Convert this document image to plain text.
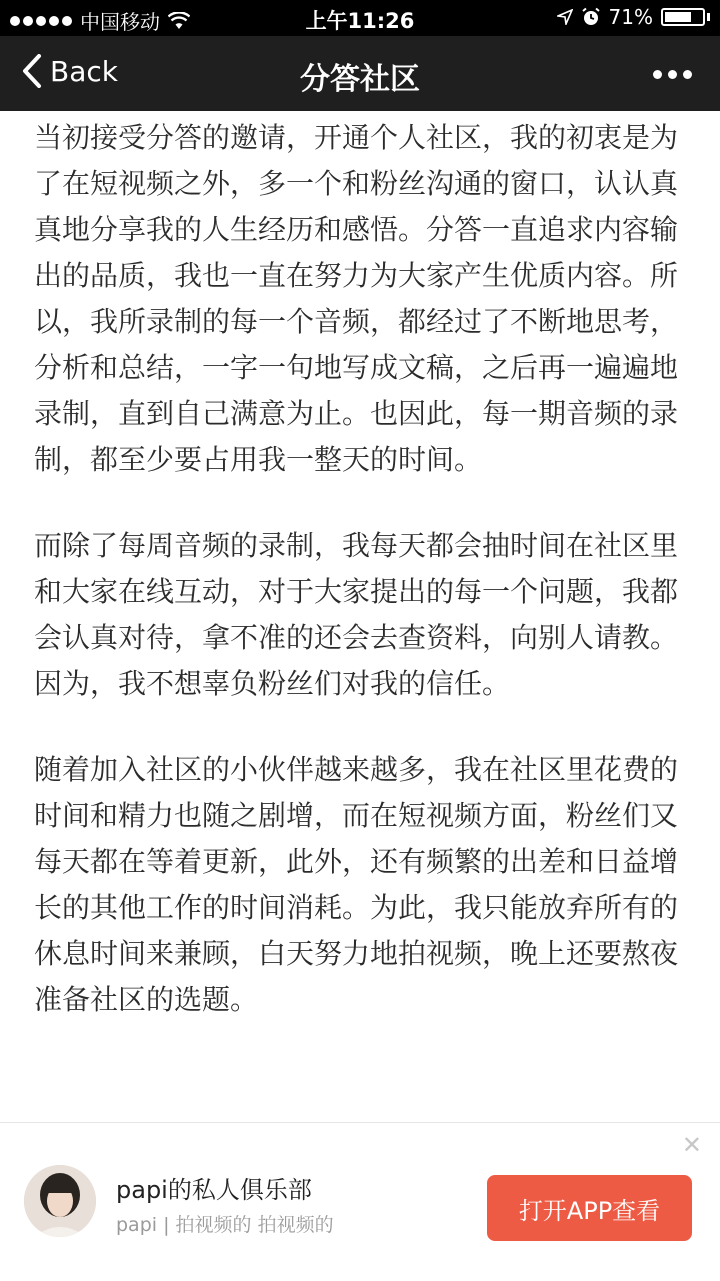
中国移动	上午11:26	71%
Back	分答社区

当初接受分答的邀请，开通个人社区，我的初衷是为了在短视频之外，多一个和粉丝沟通的窗口，认认真真地分享我的人生经历和感悟。分答一直追求内容输出的品质，我也一直在努力为大家产生优质内容。所以，我所录制的每一个音频，都经过了不断地思考，分析和总结，一字一句地写成文稿，之后再一遍遍地录制，直到自己满意为止。也因此，每一期音频的录制，都至少要占用我一整天的时间。

而除了每周音频的录制，我每天都会抽时间在社区里和大家在线互动，对于大家提出的每一个问题，我都会认真对待，拿不准的还会去查资料，向别人请教。因为，我不想辜负粉丝们对我的信任。

随着加入社区的小伙伴越来越多，我在社区里花费的时间和精力也随之剧增，而在短视频方面，粉丝们又每天都在等着更新，此外，还有频繁的出差和日益增长的其他工作的时间消耗。为此，我只能放弃所有的休息时间来兼顾，白天努力地拍视频，晚上还要熬夜准备社区的选题。

✕
papi的私人俱乐部
papi | 拍视频的 拍视频的
打开APP查看
